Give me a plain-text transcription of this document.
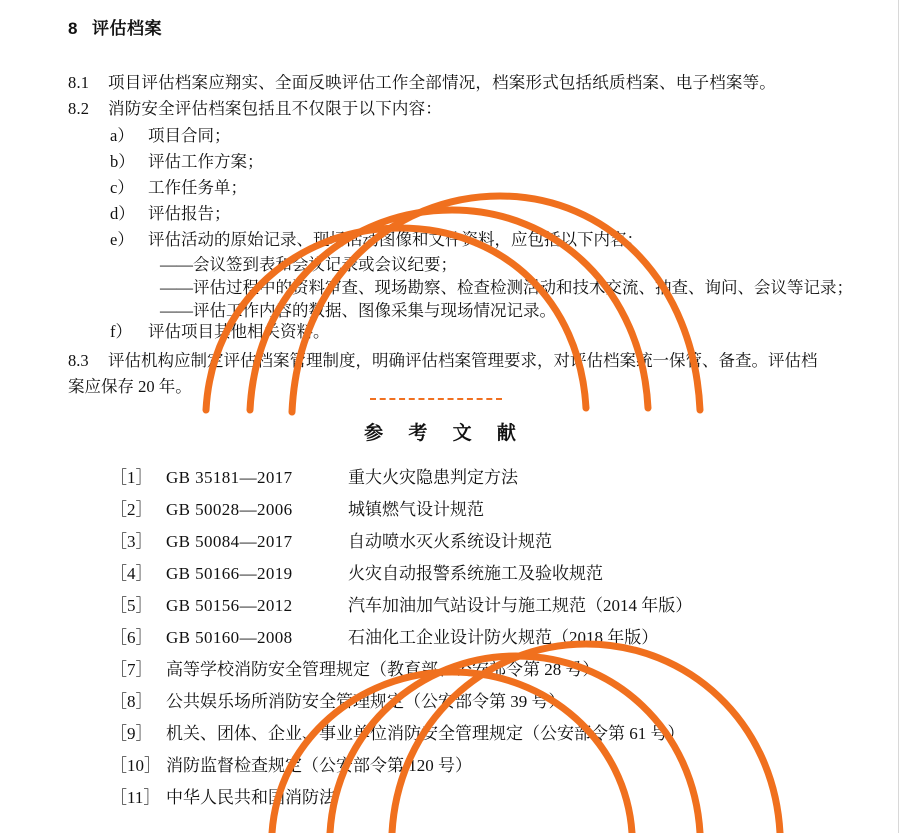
8 评估档案
8.1 项目评估档案应翔实、全面反映评估工作全部情况，档案形式包括纸质档案、电子档案等。
8.2 消防安全评估档案包括且不仅限于以下内容：
a） 项目合同；
b） 评估工作方案；
c） 工作任务单；
d） 评估报告；
e） 评估活动的原始记录、现场活动图像和文件资料，应包括以下内容：
——会议签到表和会议记录或会议纪要；
——评估过程中的资料审查、现场勘察、检查检测活动和技术交流、抽查、询问、会议等记录；
——评估工作内容的数据、图像采集与现场情况记录。
f） 评估项目其他相关资料。
8.3 评估机构应制定评估档案管理制度，明确评估档案管理要求，对评估档案统一保管、备查。评估档
案应保存 20 年。
参 考 文 献
［1］ GB 35181—2017	重大火灾隐患判定方法
［2］ GB 50028—2006	城镇燃气设计规范
［3］ GB 50084—2017	自动喷水灭火系统设计规范
［4］ GB 50166—2019	火灾自动报警系统施工及验收规范
［5］ GB 50156—2012	汽车加油加气站设计与施工规范（2014 年版）
［6］ GB 50160—2008	石油化工企业设计防火规范（2018 年版）
［7］ 高等学校消防安全管理规定（教育部、公安部令第 28 号）
［8］ 公共娱乐场所消防安全管理规定（公安部令第 39 号）
［9］ 机关、团体、企业、事业单位消防安全管理规定（公安部令第 61 号）
［10］ 消防监督检查规定（公安部令第 120 号）
［11］ 中华人民共和国消防法
